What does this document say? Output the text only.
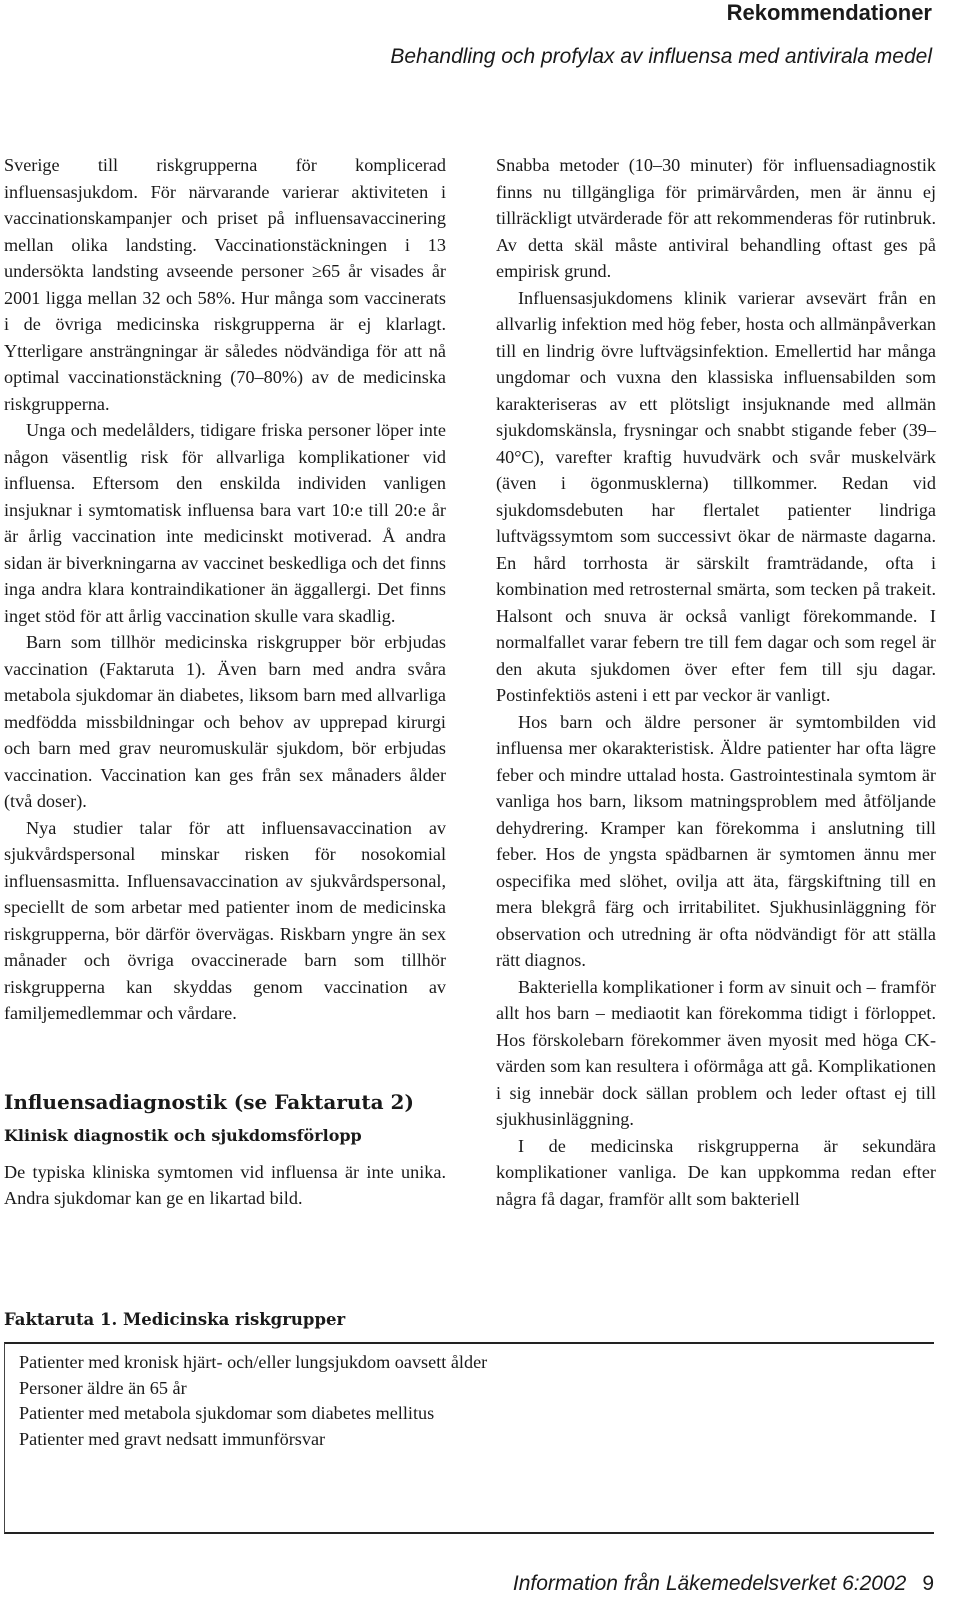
Rekommendationer
Behandling och profylax av influensa med antivirala medel

Sverige till riskgrupperna för komplicerad influensasjukdom. För närvarande varierar aktiviteten i vaccinationskampanjer och priset på influensavaccinering mellan olika landsting. Vaccinationstäckningen i 13 undersökta landsting avseende personer ≥65 år visades år 2001 ligga mellan 32 och 58%. Hur många som vaccinerats i de övriga medicinska riskgrupperna är ej klarlagt. Ytterligare ansträngningar är således nödvändiga för att nå optimal vaccinationstäckning (70–80%) av de medicinska riskgrupperna.

Unga och medelålders, tidigare friska personer löper inte någon väsentlig risk för allvarliga komplikationer vid influensa. Eftersom den enskilda individen vanligen insjuknar i symtomatisk influensa bara vart 10:e till 20:e år är årlig vaccination inte medicinskt motiverad. Å andra sidan är biverkningarna av vaccinet beskedliga och det finns inga andra klara kontraindikationer än äggallergi. Det finns inget stöd för att årlig vaccination skulle vara skadlig.

Barn som tillhör medicinska riskgrupper bör erbjudas vaccination (Faktaruta 1). Även barn med andra svåra metabola sjukdomar än diabetes, liksom barn med allvarliga medfödda missbildningar och behov av upprepad kirurgi och barn med grav neuromuskulär sjukdom, bör erbjudas vaccination. Vaccination kan ges från sex månaders ålder (två doser).

Nya studier talar för att influensavaccination av sjukvårdspersonal minskar risken för nosokomial influensasmitta. Influensavaccination av sjukvårdspersonal, speciellt de som arbetar med patienter inom de medicinska riskgrupperna, bör därför övervägas. Riskbarn yngre än sex månader och övriga ovaccinerade barn som tillhör riskgrupperna kan skyddas genom vaccination av familjemedlemmar och vårdare.

Influensadiagnostik (se Faktaruta 2)
Klinisk diagnostik och sjukdomsförlopp

De typiska kliniska symtomen vid influensa är inte unika. Andra sjukdomar kan ge en likartad bild.

Snabba metoder (10–30 minuter) för influensadiagnostik finns nu tillgängliga för primärvården, men är ännu ej tillräckligt utvärderade för att rekommenderas för rutinbruk. Av detta skäl måste antiviral behandling oftast ges på empirisk grund.

Influensasjukdomens klinik varierar avsevärt från en allvarlig infektion med hög feber, hosta och allmänpåverkan till en lindrig övre luftvägsinfektion. Emellertid har många ungdomar och vuxna den klassiska influensabilden som karakteriseras av ett plötsligt insjuknande med allmän sjukdomskänsla, frysningar och snabbt stigande feber (39–40°C), varefter kraftig huvudvärk och svår muskelvärk (även i ögonmusklerna) tillkommer. Redan vid sjukdomsdebuten har flertalet patienter lindriga luftvägssymtom som successivt ökar de närmaste dagarna. En hård torrhosta är särskilt framträdande, ofta i kombination med retrosternal smärta, som tecken på trakeit. Halsont och snuva är också vanligt förekommande. I normalfallet varar febern tre till fem dagar och som regel är den akuta sjukdomen över efter fem till sju dagar. Postinfektiös asteni i ett par veckor är vanligt.

Hos barn och äldre personer är symtombilden vid influensa mer okarakteristisk. Äldre patienter har ofta lägre feber och mindre uttalad hosta. Gastrointestinala symtom är vanliga hos barn, liksom matningsproblem med åtföljande dehydrering. Kramper kan förekomma i anslutning till feber. Hos de yngsta spädbarnen är symtomen ännu mer ospecifika med slöhet, ovilja att äta, färgskiftning till en mera blekgrå färg och irritabilitet. Sjukhusinläggning för observation och utredning är ofta nödvändigt för att ställa rätt diagnos.

Bakteriella komplikationer i form av sinuit och – framför allt hos barn – mediaotit kan förekomma tidigt i förloppet. Hos förskolebarn förekommer även myosit med höga CK-värden som kan resultera i oförmåga att gå. Komplikationen i sig innebär dock sällan problem och leder oftast ej till sjukhusinläggning.

I de medicinska riskgrupperna är sekundära komplikationer vanliga. De kan uppkomma redan efter några få dagar, framför allt som bakteriell

Faktaruta 1. Medicinska riskgrupper
Patienter med kronisk hjärt- och/eller lungsjukdom oavsett ålder
Personer äldre än 65 år
Patienter med metabola sjukdomar som diabetes mellitus
Patienter med gravt nedsatt immunförsvar
Information från Läkemedelsverket 6:2002 9
